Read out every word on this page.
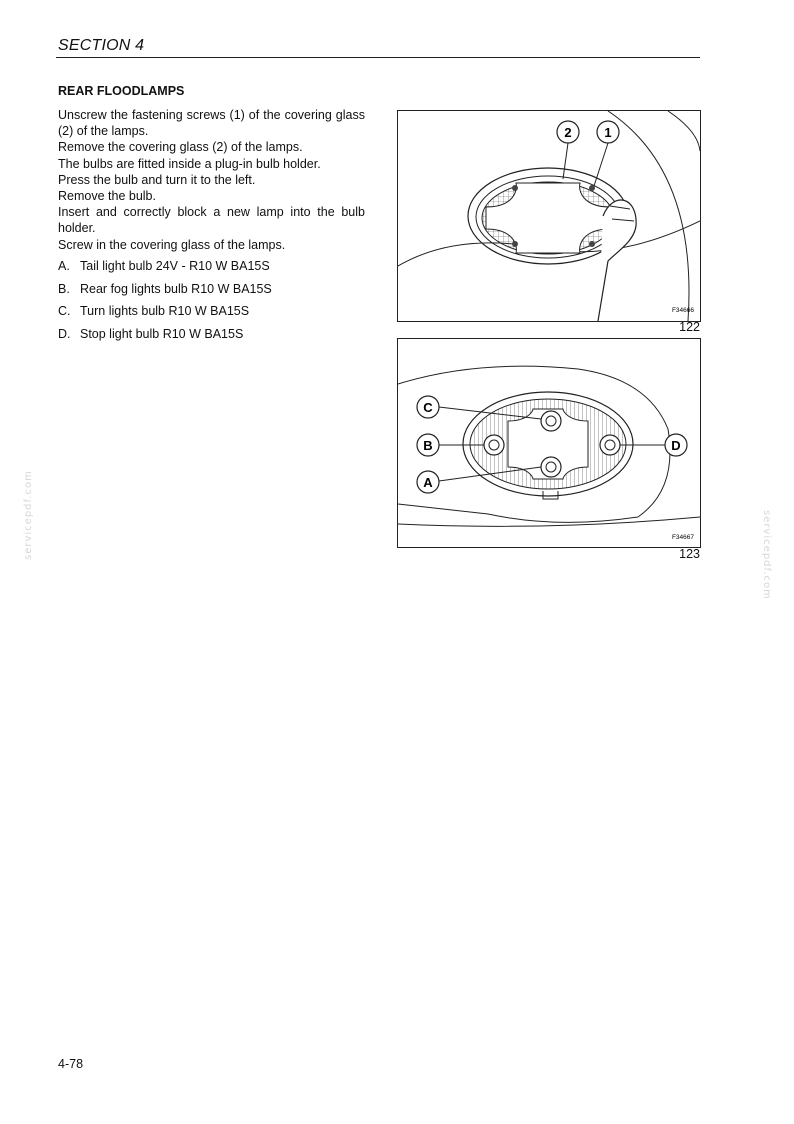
SECTION 4
REAR FLOODLAMPS

Unscrew the fastening screws (1) of the covering glass (2) of the lamps.

Remove the covering glass (2) of the lamps.

The bulbs are fitted inside a plug-in bulb holder.

Press the bulb and turn it to the left.

Remove the bulb.

Insert and correctly block a new lamp into the bulb holder.

Screw in the covering glass of the lamps.

A. Tail light bulb 24V - R10 W BA15S
B. Rear fog lights bulb R10 W BA15S
C. Turn lights bulb R10 W BA15S
D. Stop light bulb R10 W BA15S
2	1
F34666
122
C
B
A
D
F34667
123
servicepdf.com	servicepdf.com
4-78
